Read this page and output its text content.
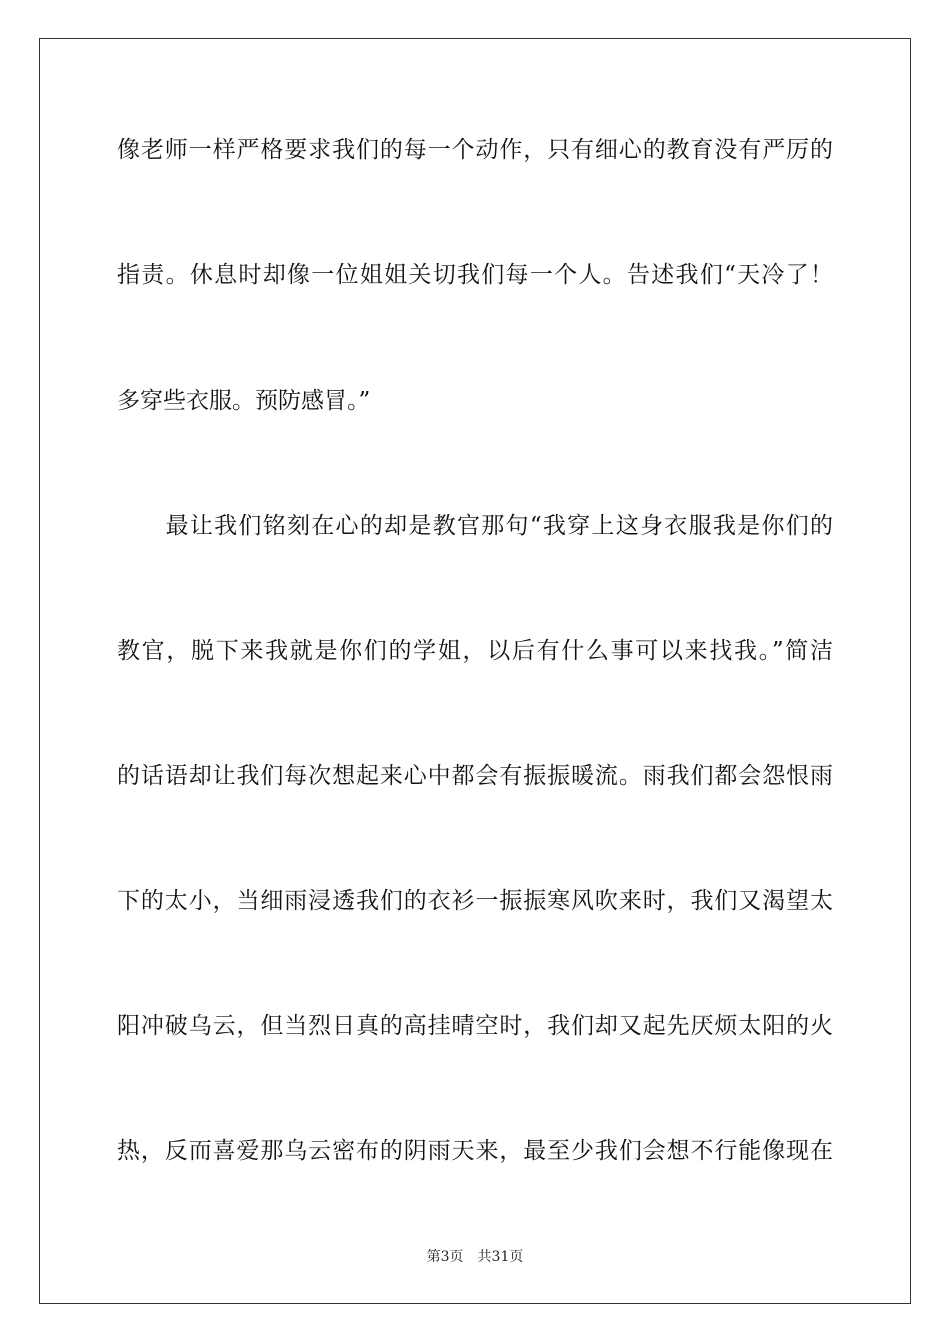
像老师一样严格要求我们的每一个动作，只有细心的教育没有严厉的
指责。休息时却像一位姐姐关切我们每一个人。告述我们“天冷了！
多穿些衣服。预防感冒。”
　　最让我们铭刻在心的却是教官那句“我穿上这身衣服我是你们的
教官，脱下来我就是你们的学姐，以后有什么事可以来找我。”简洁
的话语却让我们每次想起来心中都会有振振暖流。雨我们都会怨恨雨
下的太小，当细雨浸透我们的衣衫一振振寒风吹来时，我们又渴望太
阳冲破乌云，但当烈日真的高挂晴空时，我们却又起先厌烦太阳的火
热，反而喜爱那乌云密布的阴雨天来，最至少我们会想不行能像现在
第3页 共31页
